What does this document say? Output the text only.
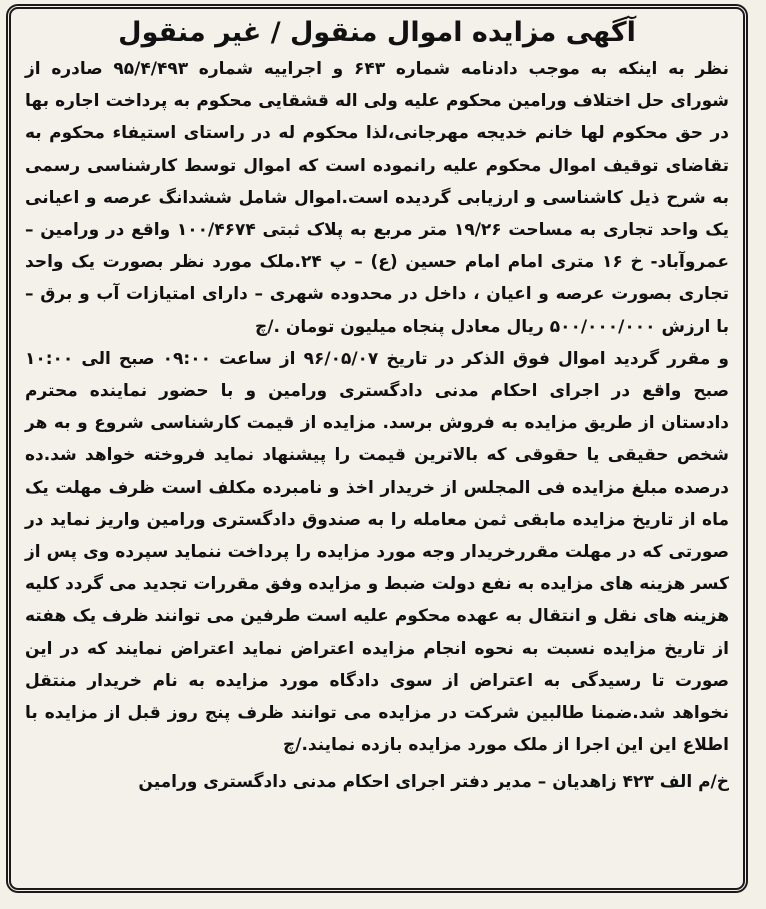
آگهی مزایده اموال منقول / غیر منقول

نظر به اینکه به موجب دادنامه شماره ۶۴۳ و اجراییه شماره ۹۵/۴/۴۹۳ صادره از شورای حل اختلاف ورامین محکوم علیه ولی اله قشقایی محکوم به پرداخت اجاره بها در حق محکوم لها خانم خدیجه مهرجانی،لذا محکوم له در راستای استیفاء محکوم به تقاضای توقیف اموال محکوم علیه رانموده است که اموال توسط کارشناسی رسمی به شرح ذیل کاشناسی و ارزیابی گردیده است.اموال شامل ششدانگ عرصه و اعیانی یک واحد تجاری به مساحت ۱۹/۲۶ متر مربع به پلاک ثبتی ۱۰۰/۴۶۷۴ واقع در ورامین – عمروآباد- خ ۱۶ متری امام امام حسین (ع) – پ ۲۴.ملک مورد نظر بصورت یک واحد تجاری بصورت عرصه و اعیان ، داخل در محدوده شهری – دارای امتیازات آب و برق – با ارزش ۵۰۰/۰۰۰/۰۰۰ ریال معادل پنجاه میلیون تومان ./چ

و مقرر گردید اموال فوق الذکر در تاریخ ۹۶/۰۵/۰۷ از ساعت ۰۹:۰۰ صبح الی ۱۰:۰۰ صبح واقع در اجرای احکام مدنی دادگستری ورامین و با حضور نماینده محترم دادستان از طریق مزایده به فروش برسد. مزایده از قیمت کارشناسی شروع و به هر شخص حقیقی یا حقوقی که بالاترین قیمت را پیشنهاد نماید فروخته خواهد شد.ده درصده مبلغ مزایده فی المجلس از خریدار اخذ و نامبرده مکلف است ظرف مهلت یک ماه از تاریخ مزایده مابقی ثمن معامله را به صندوق دادگستری ورامین واریز نماید در صورتی که در مهلت مقررخریدار وجه مورد مزایده را پرداخت ننماید سپرده وی پس از کسر هزینه های مزایده به نفع دولت ضبط و مزایده وفق مقررات تجدید می گردد کلیه هزینه های نقل و انتقال به عهده محکوم علیه است طرفین می توانند ظرف یک هفته از تاریخ مزایده نسبت به نحوه انجام مزایده اعتراض نماید اعتراض نمایند که در این صورت تا رسیدگی به اعتراض از سوی دادگاه مورد مزایده به نام خریدار منتقل نخواهد شد.ضمنا طالبین شرکت در مزایده می توانند ظرف پنج روز قبل از مزایده با اطلاع این این اجرا از ملک مورد مزایده بازده نمایند./چ

خ/م الف ۴۲۳ زاهدیان – مدیر دفتر اجرای احکام مدنی دادگستری ورامین
